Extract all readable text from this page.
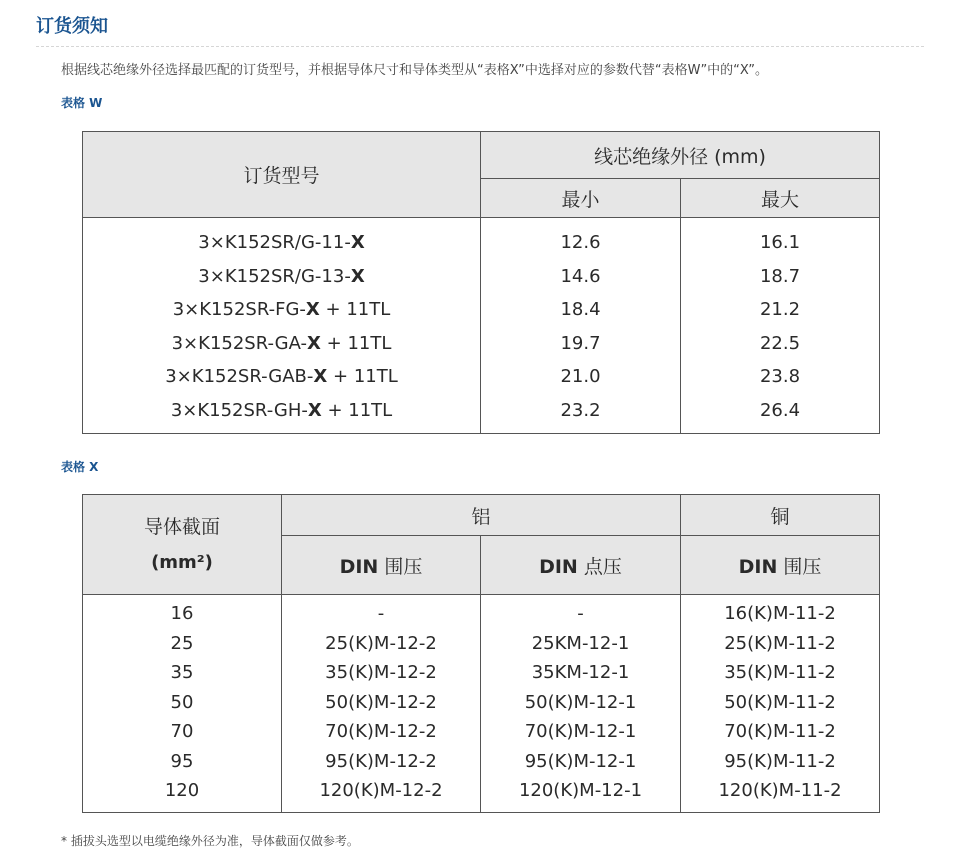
订货须知
根据线芯绝缘外径选择最匹配的订货型号，并根据导体尺寸和导体类型从“表格X”中选择对应的参数代替“表格W”中的“X”。
表格 W
订货型号	线芯绝缘外径 (mm)	
	最小	最大
3×K152SR/G-11-X	12.6	16.1
3×K152SR/G-13-X	14.6	18.7
3×K152SR-FG-X + 11TL	18.4	21.2
3×K152SR-GA-X + 11TL	19.7	22.5
3×K152SR-GAB-X + 11TL	21.0	23.8
3×K152SR-GH-X + 11TL	23.2	26.4
表格 X
导体截面
(mm²)	铝		铜
	DIN 围压	DIN 点压	DIN 围压
16	-	-	16(K)M-11-2
25	25(K)M-12-2	25KM-12-1	25(K)M-11-2
35	35(K)M-12-2	35KM-12-1	35(K)M-11-2
50	50(K)M-12-2	50(K)M-12-1	50(K)M-11-2
70	70(K)M-12-2	70(K)M-12-1	70(K)M-11-2
95	95(K)M-12-2	95(K)M-12-1	95(K)M-11-2
120	120(K)M-12-2	120(K)M-12-1	120(K)M-11-2
* 插拔头选型以电缆绝缘外径为准，导体截面仅做参考。
